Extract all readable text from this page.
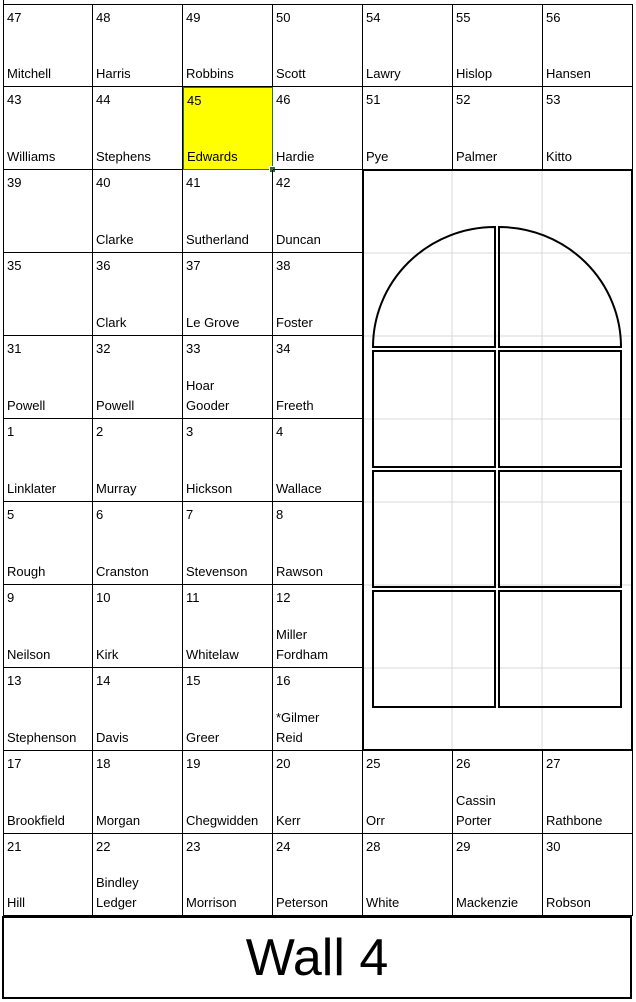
Wall 4
47
Mitchell
48
Harris
49
Robbins
50
Scott
54
Lawry
55
Hislop
56
Hansen
43
Williams
44
Stephens
45
Edwards
46
Hardie
51
Pye
52
Palmer
53
Kitto
39	40
Clarke
41
Sutherland
42
Duncan
35	36
Clark
37
Le Grove
38
Foster
31
Powell
32
Powell
33
Hoar
Gooder
34
Freeth
1
Linklater
2
Murray
3
Hickson
4
Wallace
5
Rough
6
Cranston
7
Stevenson
8
Rawson
9
Neilson
10
Kirk
11
Whitelaw
12
Miller
Fordham
13
Stephenson
14
Davis
15
Greer
16
*Gilmer
Reid
17
Brookfield
18
Morgan
19
Chegwidden
20
Kerr
25
Orr
26
Cassin
Porter
27
Rathbone
21
Hill
22
Bindley
Ledger
23
Morrison
24
Peterson
28
White
29
Mackenzie
30
Robson
